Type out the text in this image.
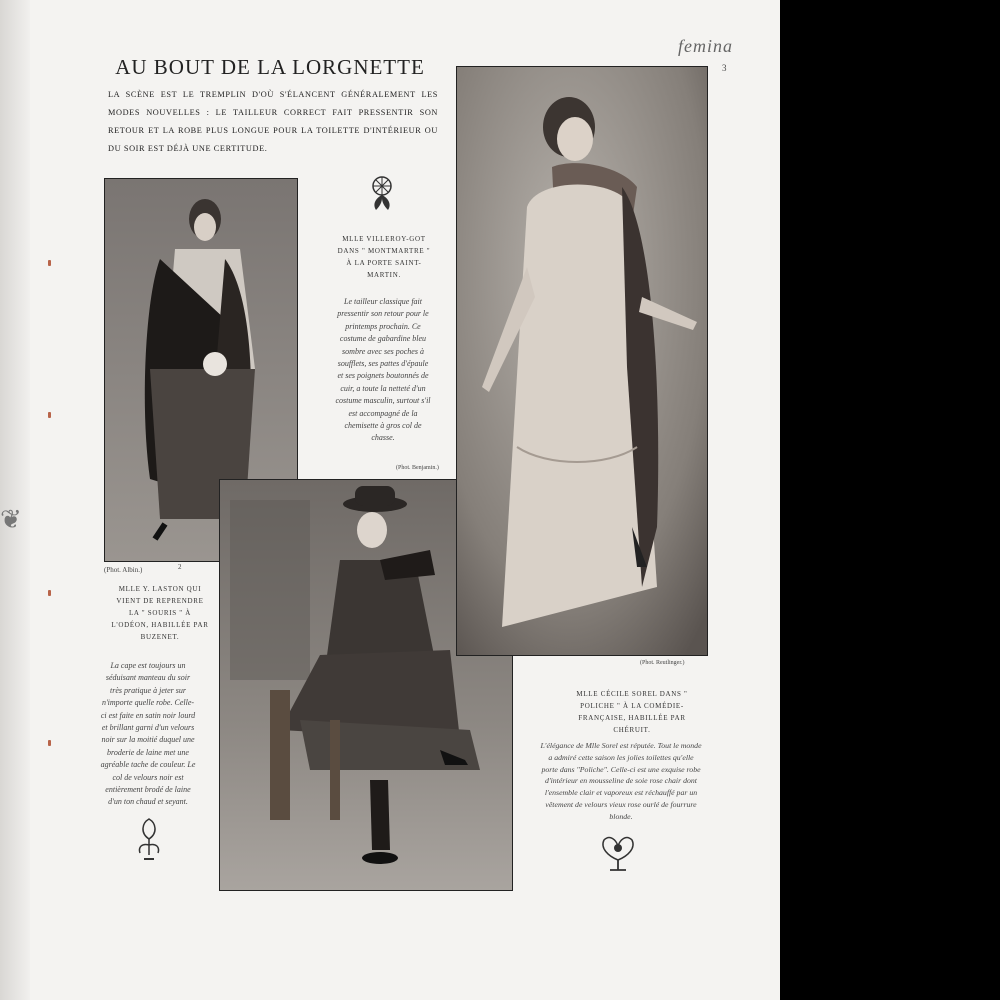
❦
femina
3
AU BOUT DE LA LORGNETTE
LA SCÈNE EST LE TREMPLIN D'OÙ S'ÉLANCENT GÉNÉRALEMENT LES MODES NOUVELLES : LE TAILLEUR CORRECT FAIT PRESSENTIR SON RETOUR ET LA ROBE PLUS LONGUE POUR LA TOILETTE D'INTÉRIEUR OU DU SOIR EST DÉJÀ UNE CERTITUDE.
(Phot. Albin.)	2
MLLE Y. LASTON QUI VIENT DE REPRENDRE LA " SOURIS " À L'ODÉON, HABILLÉE PAR BUZENET.
La cape est toujours un séduisant manteau du soir très pratique à jeter sur n'importe quelle robe. Celle-ci est faite en satin noir lourd et brillant garni d'un velours noir sur la moitié duquel une broderie de laine met une agréable tache de couleur. Le col de velours noir est entièrement brodé de laine d'un ton chaud et seyant.
MLLE VILLEROY-GOT DANS " MONTMARTRE " À LA PORTE SAINT-MARTIN.
Le tailleur classique fait pressentir son retour pour le printemps prochain. Ce costume de gabardine bleu sombre avec ses poches à soufflets, ses pattes d'épaule et ses poignets boutonnés de cuir, a toute la netteté d'un costume masculin, surtout s'il est accompagné de la chemisette à gros col de chasse.
(Phot. Benjamin.)
(Phot. Reutlinger.)
MLLE CÉCILE SOREL DANS " POLICHE " À LA COMÉDIE-FRANÇAISE, HABILLÉE PAR CHÉRUIT.
L'élégance de Mlle Sorel est réputée. Tout le monde a admiré cette saison les jolies toilettes qu'elle porte dans "Poliche". Celle-ci est une exquise robe d'intérieur en mousseline de soie rose chair dont l'ensemble clair et vaporeux est réchauffé par un vêtement de velours vieux rose ourlé de fourrure blonde.
